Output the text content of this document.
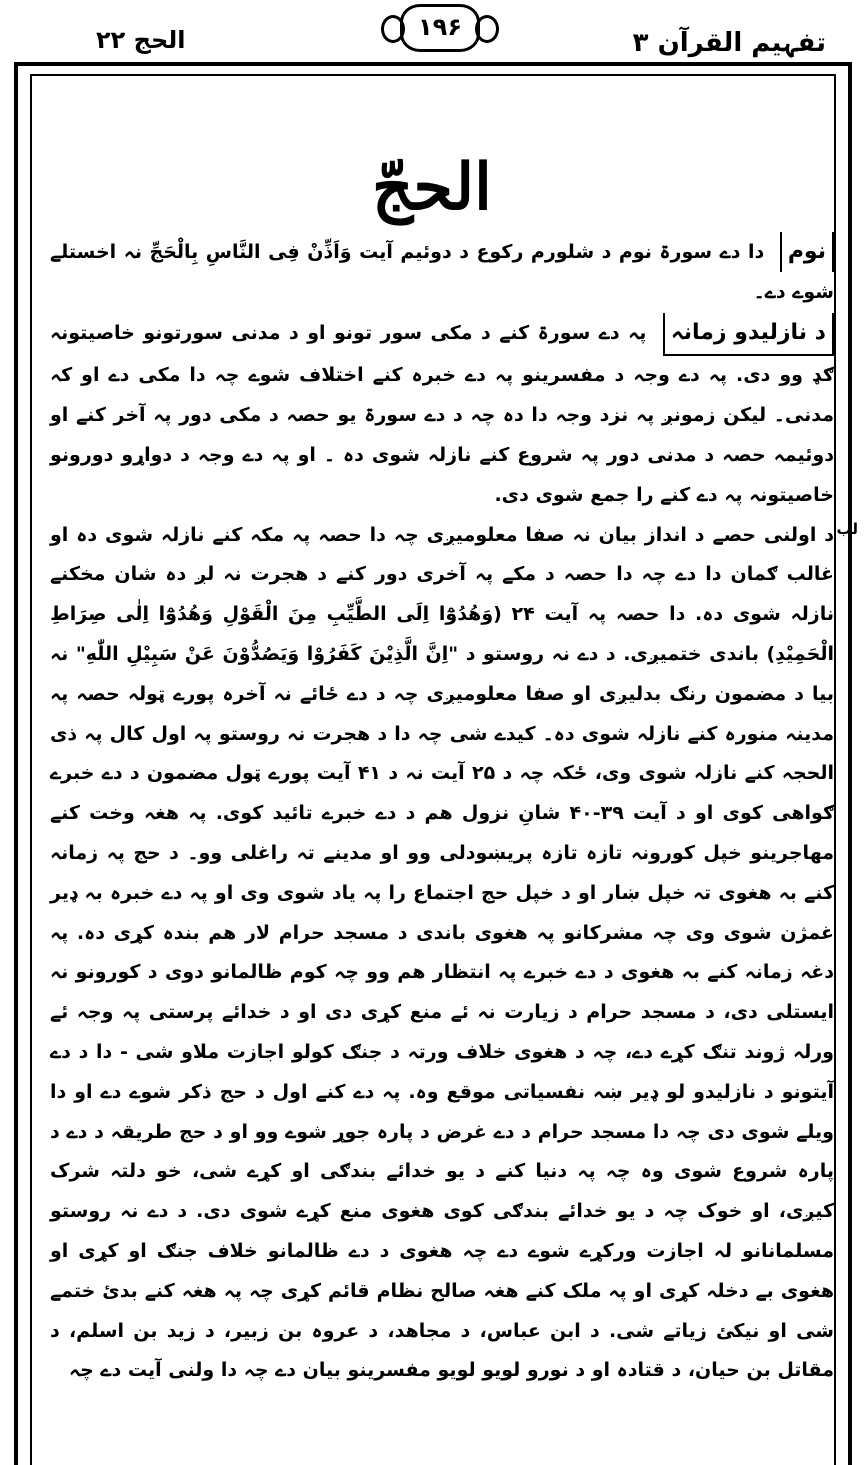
تفہیم القرآن ۳
۱۹۶
الحج ۲۲
الحجّ

نوم دا دے سورۃ نوم د شلورم رکوع د دوئیم آیت وَاَذِّنْ فِی النَّاسِ بِالْحَجِّ نہ اخستلے شوے دے۔

د نازلیدو زمانہ پہ دے سورۃ کنے د مکی سور تونو او د مدنی سورتونو خاصیتونہ ګډ وو دی. پہ دے وجہ د مفسرینو پہ دے خبرہ کنے اختلاف شوے چہ دا مکی دے او کہ مدنی۔ لیکن زمونږ پہ نزد وجہ دا دہ چہ د دے سورۃ یو حصہ د مکی دور پہ آخر کنے او دوئیمہ حصہ د مدنی دور پہ شروع کنے نازلہ شوی دہ ۔ او پہ دے وجہ د دواړو دورونو خاصیتونہ پہ دے کنے را جمع شوی دی.

د اولنی حصے د انداز بیان نہ صفا معلومیږی چہ دا حصہ پہ مکہ کنے نازلہ شوی دہ او غالب ګمان دا دے چہ دا حصہ د مکے پہ آخری دور کنے د ھجرت نہ لږ دہ شان مخکنے نازلہ شوی دہ. دا حصہ پہ آیت ۲۴ (وَهُدُوْٓا اِلَی الطَّیِّبِ مِنَ الْقَوْلِ وَهُدُوْٓا اِلٰی صِرَاطِ الْحَمِیْدِ) باندی ختمیږی. د دے نہ روستو د "اِنَّ الَّذِیْنَ کَفَرُوْا وَیَصُدُّوْنَ عَنْ سَبِیْلِ اللّٰهِ" نہ بیا د مضمون رنګ بدلیږی او صفا معلومیږی چہ د دے ځائے نہ آخرہ پورے ټولہ حصہ پہ مدینہ منورہ کنے نازلہ شوی دہ۔ کیدے شی چہ دا د ھجرت نہ روستو پہ اول کال پہ ذی الحجہ کنے نازلہ شوی وی، ځکہ چہ د ۲۵ آیت نہ د ۴۱ آیت پورے ټول مضمون د دے خبرے ګواهی کوی او د آیت ۳۹-۴۰ شانِ نزول هم د دے خبرے تائید کوی. پہ هغہ وخت کنے مهاجرینو خپل کورونہ تازہ تازہ پریښودلی وو او مدینے تہ راغلی وو۔ د حج پہ زمانہ کنے بہ هغوی تہ خپل ښار او د خپل حج اجتماع را پہ یاد شوی وی او پہ دے خبرہ بہ ډیر غمژن شوی وی چہ مشرکانو پہ هغوی باندی د مسجد حرام لار هم بندہ کړی دہ. پہ دغہ زمانہ کنے بہ هغوی د دے خبرے پہ انتظار هم وو چہ کوم ظالمانو دوی د کورونو نہ ایستلی دی، د مسجد حرام د زیارت نہ ئے منع کړی دی او د خدائے پرستی پہ وجہ ئے ورلہ ژوند تنګ کړے دے، چہ د هغوی خلاف ورتہ د جنګ کولو اجازت ملاو شی - دا د دے آیتونو د نازلیدو لو ډیر ښہ نفسیاتی موقع وہ. پہ دے کنے اول د حج ذکر شوے دے او دا ویلے شوی دی چہ دا مسجد حرام د دے غرض د پارہ جوړ شوے وو او د حج طریقہ د دے د پارہ شروع شوی وہ چہ پہ دنیا کنے د یو خدائے بندګی او کړے شی، خو دلتہ شرک کیږی، او خوک چہ د یو خدائے بندګی کوی هغوی منع کړے شوی دی. د دے نہ روستو مسلمانانو لہ اجازت ورکړے شوے دے چہ هغوی د دے ظالمانو خلاف جنګ او کړی او هغوی بے دخلہ کړی او پہ ملک کنے هغہ صالح نظام قائم کړی چہ پہ هغہ کنے بدئ ختمے شی او نیکئ زیاتے شی. د ابن عباس، د مجاهد، د عروہ بن زبیر، د زید بن اسلم، د مقاتل بن حیان، د قتادہ او د نورو لویو لویو مفسرینو بیان دے چہ دا ولنی آیت دے چہ

لب
